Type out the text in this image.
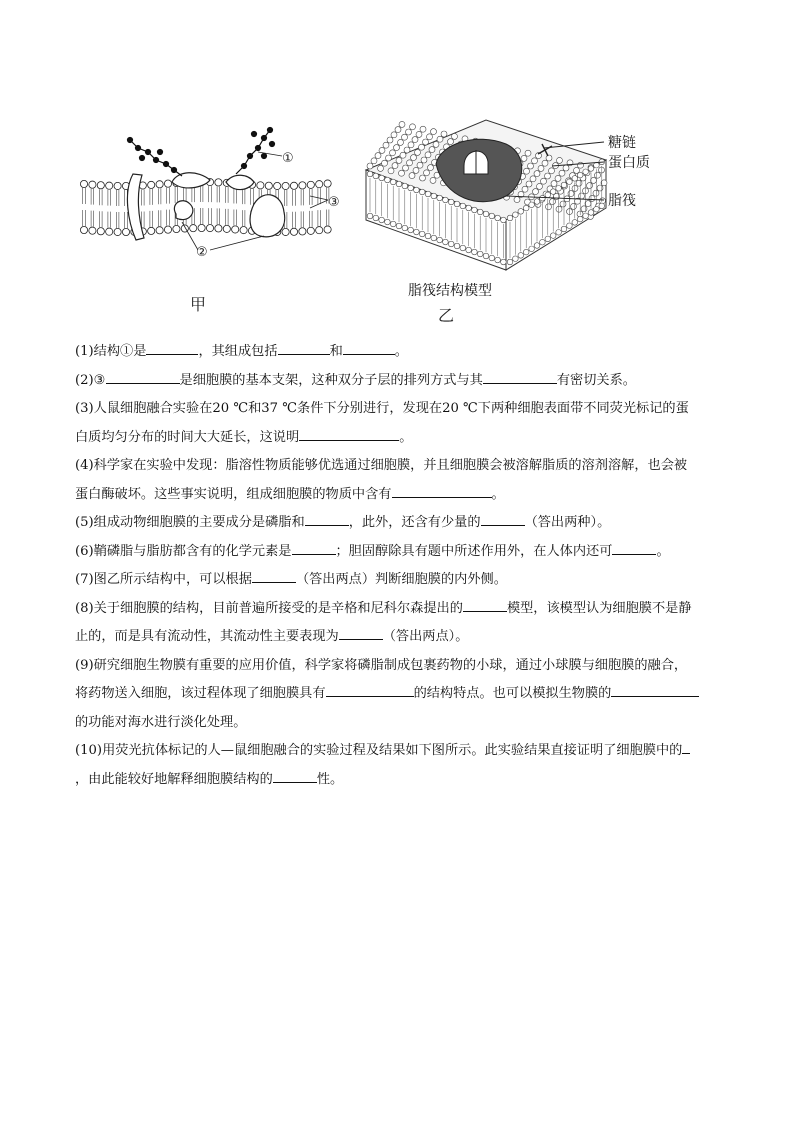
①
③
②
甲
糖链
蛋白质
脂筏
脂筏结构模型
乙

(1)结构①是	，其组成包括	和	。

(2)③	是细胞膜的基本支架，这种双分子层的排列方式与其	有密切关系。

(3)人鼠细胞融合实验在20 ℃和37 ℃条件下分别进行，发现在20 ℃下两种细胞表面带不同荧光标记的蛋
白质均匀分布的时间大大延长，这说明	。

(4)科学家在实验中发现：脂溶性物质能够优选通过细胞膜，并且细胞膜会被溶解脂质的溶剂溶解，也会被
蛋白酶破坏。这些事实说明，组成细胞膜的物质中含有	。

(5)组成动物细胞膜的主要成分是磷脂和	，此外，还含有少量的	（答出两种）。

(6)鞘磷脂与脂肪都含有的化学元素是	；胆固醇除具有题中所述作用外，在人体内还可	。

(7)图乙所示结构中，可以根据	（答出两点）判断细胞膜的内外侧。

(8)关于细胞膜的结构，目前普遍所接受的是辛格和尼科尔森提出的	模型，该模型认为细胞膜不是静
止的，而是具有流动性，其流动性主要表现为	（答出两点）。

(9)研究细胞生物膜有重要的应用价值，科学家将磷脂制成包裹药物的小球，通过小球膜与细胞膜的融合，
将药物送入细胞，该过程体现了细胞膜具有	的结构特点。也可以模拟生物膜的
的功能对海水进行淡化处理。

(10)用荧光抗体标记的人—鼠细胞融合的实验过程及结果如下图所示。此实验结果直接证明了细胞膜中的
，由此能较好地解释细胞膜结构的	性。
